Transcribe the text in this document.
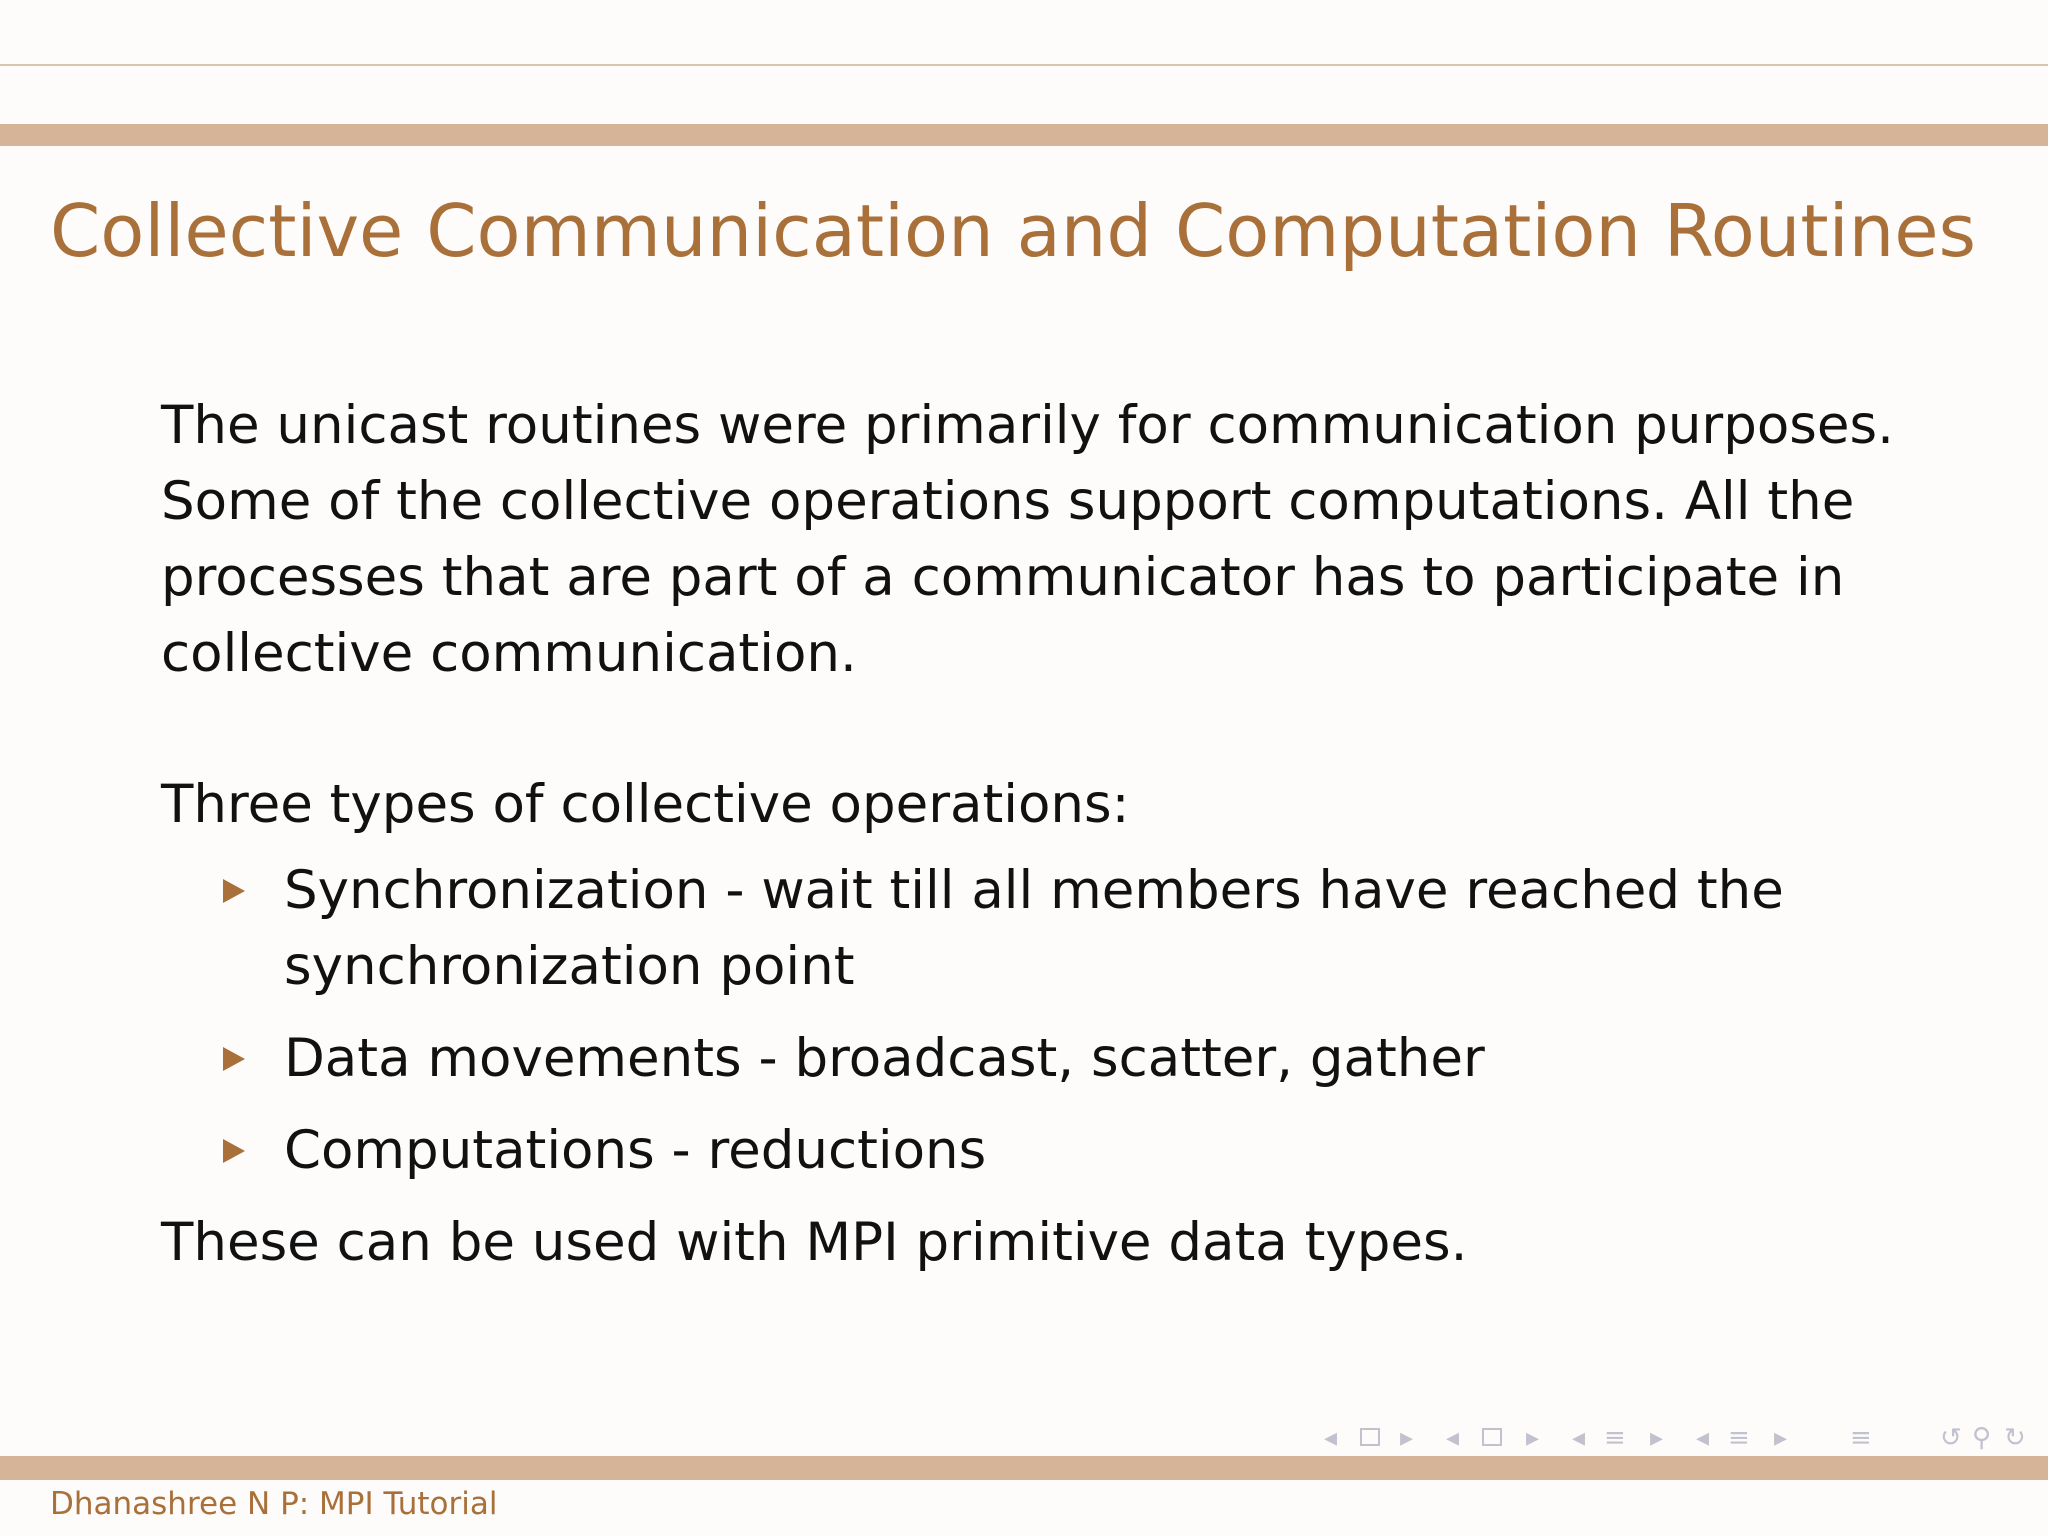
Collective Communication and Computation Routines

The unicast routines were primarily for communication purposes. Some of the collective operations support computations. All the processes that are part of a communicator has to participate in collective communication.

Three types of collective operations:

Synchronization - wait till all members have reached the synchronization point
Data movements - broadcast, scatter, gather
Computations - reductions

These can be used with MPI primitive data types.

◂ ▸ ◂	▸ ◂ ≡ ▸ ◂ ≡ ▸ ≡	↺ ⚲ ↻
Dhanashree N P: MPI Tutorial
